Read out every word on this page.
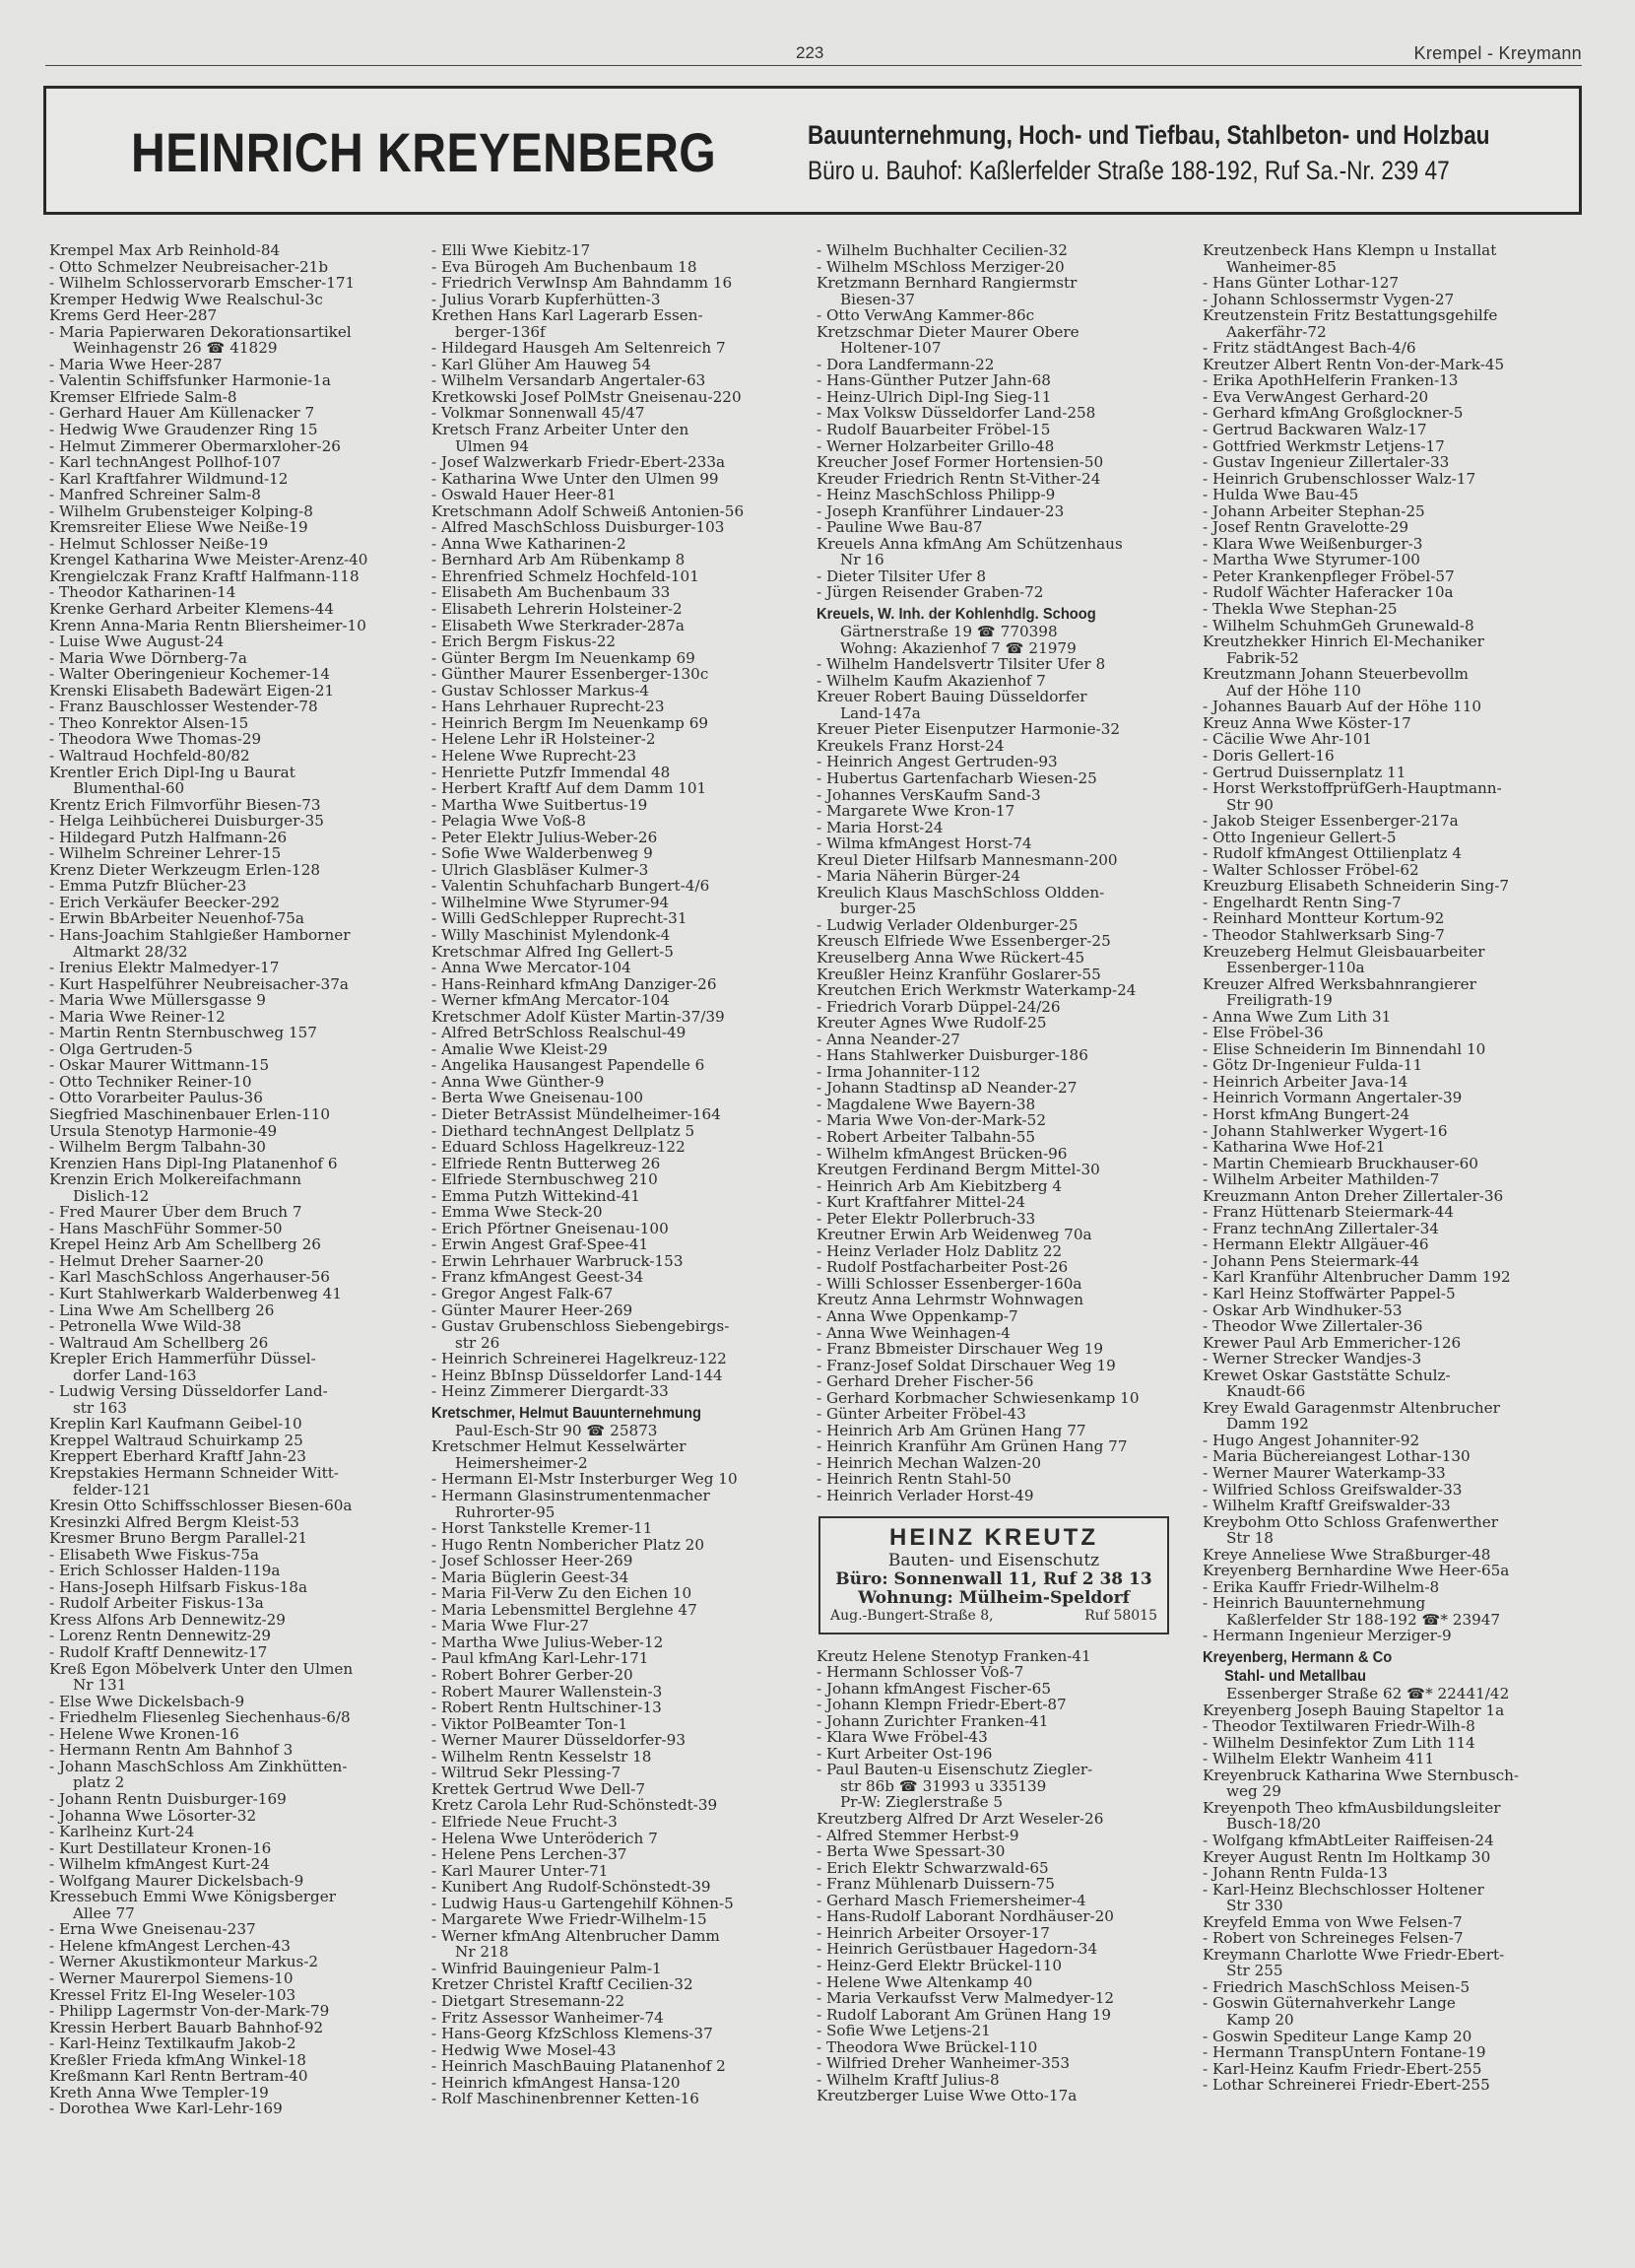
223	Krempel - Kreymann
HEINRICH KREYENBERG	Bauunternehmung, Hoch- und Tiefbau, Stahlbeton- und Holzbau
Büro u. Bauhof: Kaßlerfelder Straße 188-192, Ruf Sa.-Nr. 239 47
Krempel Max Arb Reinhold-84
- Otto Schmelzer Neubreisacher-21b
- Wilhelm Schlosservorarb Emscher-171
Kremper Hedwig Wwe Realschul-3c
Krems Gerd Heer-287
- Maria Papierwaren Dekorationsartikel
Weinhagenstr 26 ☎ 41829
- Maria Wwe Heer-287
- Valentin Schiffsfunker Harmonie-1a
Kremser Elfriede Salm-8
- Gerhard Hauer Am Küllenacker 7
- Hedwig Wwe Graudenzer Ring 15
- Helmut Zimmerer Obermarxloher-26
- Karl technAngest Pollhof-107
- Karl Kraftfahrer Wildmund-12
- Manfred Schreiner Salm-8
- Wilhelm Grubensteiger Kolping-8
Kremsreiter Eliese Wwe Neiße-19
- Helmut Schlosser Neiße-19
Krengel Katharina Wwe Meister-Arenz-40
Krengielczak Franz Kraftf Halfmann-118
- Theodor Katharinen-14
Krenke Gerhard Arbeiter Klemens-44
Krenn Anna-Maria Rentn Bliersheimer-10
- Luise Wwe August-24
- Maria Wwe Dörnberg-7a
- Walter Oberingenieur Kochemer-14
Krenski Elisabeth Badewärt Eigen-21
- Franz Bauschlosser Westender-78
- Theo Konrektor Alsen-15
- Theodora Wwe Thomas-29
- Waltraud Hochfeld-80/82
Krentler Erich Dipl-Ing u Baurat
Blumenthal-60
Krentz Erich Filmvorführ Biesen-73
- Helga Leihbücherei Duisburger-35
- Hildegard Putzh Halfmann-26
- Wilhelm Schreiner Lehrer-15
Krenz Dieter Werkzeugm Erlen-128
- Emma Putzfr Blücher-23
- Erich Verkäufer Beecker-292
- Erwin BbArbeiter Neuenhof-75a
- Hans-Joachim Stahlgießer Hamborner
Altmarkt 28/32
- Irenius Elektr Malmedyer-17
- Kurt Haspelführer Neubreisacher-37a
- Maria Wwe Müllersgasse 9
- Maria Wwe Reiner-12
- Martin Rentn Sternbuschweg 157
- Olga Gertruden-5
- Oskar Maurer Wittmann-15
- Otto Techniker Reiner-10
- Otto Vorarbeiter Paulus-36
Siegfried Maschinenbauer Erlen-110
Ursula Stenotyp Harmonie-49
- Wilhelm Bergm Talbahn-30
Krenzien Hans Dipl-Ing Platanenhof 6
Krenzin Erich Molkereifachmann
Dislich-12
- Fred Maurer Über dem Bruch 7
- Hans MaschFühr Sommer-50
Krepel Heinz Arb Am Schellberg 26
- Helmut Dreher Saarner-20
- Karl MaschSchloss Angerhauser-56
- Kurt Stahlwerkarb Walderbenweg 41
- Lina Wwe Am Schellberg 26
- Petronella Wwe Wild-38
- Waltraud Am Schellberg 26
Krepler Erich Hammerführ Düssel-
dorfer Land-163
- Ludwig Versing Düsseldorfer Land-
str 163
Kreplin Karl Kaufmann Geibel-10
Kreppel Waltraud Schuirkamp 25
Kreppert Eberhard Kraftf Jahn-23
Krepstakies Hermann Schneider Witt-
felder-121
Kresin Otto Schiffsschlosser Biesen-60a
Kresinzki Alfred Bergm Kleist-53
Kresmer Bruno Bergm Parallel-21
- Elisabeth Wwe Fiskus-75a
- Erich Schlosser Halden-119a
- Hans-Joseph Hilfsarb Fiskus-18a
- Rudolf Arbeiter Fiskus-13a
Kress Alfons Arb Dennewitz-29
- Lorenz Rentn Dennewitz-29
- Rudolf Kraftf Dennewitz-17
Kreß Egon Möbelverk Unter den Ulmen
Nr 131
- Else Wwe Dickelsbach-9
- Friedhelm Fliesenleg Siechenhaus-6/8
- Helene Wwe Kronen-16
- Hermann Rentn Am Bahnhof 3
- Johann MaschSchloss Am Zinkhütten-
platz 2
- Johann Rentn Duisburger-169
- Johanna Wwe Lösorter-32
- Karlheinz Kurt-24
- Kurt Destillateur Kronen-16
- Wilhelm kfmAngest Kurt-24
- Wolfgang Maurer Dickelsbach-9
Kressebuch Emmi Wwe Königsberger
Allee 77
- Erna Wwe Gneisenau-237
- Helene kfmAngest Lerchen-43
- Werner Akustikmonteur Markus-2
- Werner Maurerpol Siemens-10
Kressel Fritz El-Ing Weseler-103
- Philipp Lagermstr Von-der-Mark-79
Kressin Herbert Bauarb Bahnhof-92
- Karl-Heinz Textilkaufm Jakob-2
Kreßler Frieda kfmAng Winkel-18
Kreßmann Karl Rentn Bertram-40
Kreth Anna Wwe Templer-19
- Dorothea Wwe Karl-Lehr-169
- Elli Wwe Kiebitz-17
- Eva Bürogeh Am Buchenbaum 18
- Friedrich VerwInsp Am Bahndamm 16
- Julius Vorarb Kupferhütten-3
Krethen Hans Karl Lagerarb Essen-
berger-136f
- Hildegard Hausgeh Am Seltenreich 7
- Karl Glüher Am Hauweg 54
- Wilhelm Versandarb Angertaler-63
Kretkowski Josef PolMstr Gneisenau-220
- Volkmar Sonnenwall 45/47
Kretsch Franz Arbeiter Unter den
Ulmen 94
- Josef Walzwerkarb Friedr-Ebert-233a
- Katharina Wwe Unter den Ulmen 99
- Oswald Hauer Heer-81
Kretschmann Adolf Schweiß Antonien-56
- Alfred MaschSchloss Duisburger-103
- Anna Wwe Katharinen-2
- Bernhard Arb Am Rübenkamp 8
- Ehrenfried Schmelz Hochfeld-101
- Elisabeth Am Buchenbaum 33
- Elisabeth Lehrerin Holsteiner-2
- Elisabeth Wwe Sterkrader-287a
- Erich Bergm Fiskus-22
- Günter Bergm Im Neuenkamp 69
- Günther Maurer Essenberger-130c
- Gustav Schlosser Markus-4
- Hans Lehrhauer Ruprecht-23
- Heinrich Bergm Im Neuenkamp 69
- Helene Lehr iR Holsteiner-2
- Helene Wwe Ruprecht-23
- Henriette Putzfr Immendal 48
- Herbert Kraftf Auf dem Damm 101
- Martha Wwe Suitbertus-19
- Pelagia Wwe Voß-8
- Peter Elektr Julius-Weber-26
- Sofie Wwe Walderbenweg 9
- Ulrich Glasbläser Kulmer-3
- Valentin Schuhfacharb Bungert-4/6
- Wilhelmine Wwe Styrumer-94
- Willi GedSchlepper Ruprecht-31
- Willy Maschinist Mylendonk-4
Kretschmar Alfred Ing Gellert-5
- Anna Wwe Mercator-104
- Hans-Reinhard kfmAng Danziger-26
- Werner kfmAng Mercator-104
Kretschmer Adolf Küster Martin-37/39
- Alfred BetrSchloss Realschul-49
- Amalie Wwe Kleist-29
- Angelika Hausangest Papendelle 6
- Anna Wwe Günther-9
- Berta Wwe Gneisenau-100
- Dieter BetrAssist Mündelheimer-164
- Diethard technAngest Dellplatz 5
- Eduard Schloss Hagelkreuz-122
- Elfriede Rentn Butterweg 26
- Elfriede Sternbuschweg 210
- Emma Putzh Wittekind-41
- Emma Wwe Steck-20
- Erich Pförtner Gneisenau-100
- Erwin Angest Graf-Spee-41
- Erwin Lehrhauer Warbruck-153
- Franz kfmAngest Geest-34
- Gregor Angest Falk-67
- Günter Maurer Heer-269
- Gustav Grubenschloss Siebengebirgs-
str 26
- Heinrich Schreinerei Hagelkreuz-122
- Heinz BbInsp Düsseldorfer Land-144
- Heinz Zimmerer Diergardt-33
Kretschmer, Helmut Bauunternehmung
Paul-Esch-Str 90 ☎ 25873
Kretschmer Helmut Kesselwärter
Heimersheimer-2
- Hermann El-Mstr Insterburger Weg 10
- Hermann Glasinstrumentenmacher
Ruhrorter-95
- Horst Tankstelle Kremer-11
- Hugo Rentn Nombericher Platz 20
- Josef Schlosser Heer-269
- Maria Büglerin Geest-34
- Maria Fil-Verw Zu den Eichen 10
- Maria Lebensmittel Berglehne 47
- Maria Wwe Flur-27
- Martha Wwe Julius-Weber-12
- Paul kfmAng Karl-Lehr-171
- Robert Bohrer Gerber-20
- Robert Maurer Wallenstein-3
- Robert Rentn Hultschiner-13
- Viktor PolBeamter Ton-1
- Werner Maurer Düsseldorfer-93
- Wilhelm Rentn Kesselstr 18
- Wiltrud Sekr Plessing-7
Krettek Gertrud Wwe Dell-7
Kretz Carola Lehr Rud-Schönstedt-39
- Elfriede Neue Frucht-3
- Helena Wwe Unteröderich 7
- Helene Pens Lerchen-37
- Karl Maurer Unter-71
- Kunibert Ang Rudolf-Schönstedt-39
- Ludwig Haus-u Gartengehilf Köhnen-5
- Margarete Wwe Friedr-Wilhelm-15
- Werner kfmAng Altenbrucher Damm
Nr 218
- Winfrid Bauingenieur Palm-1
Kretzer Christel Kraftf Cecilien-32
- Dietgart Stresemann-22
- Fritz Assessor Wanheimer-74
- Hans-Georg KfzSchloss Klemens-37
- Hedwig Wwe Mosel-43
- Heinrich MaschBauing Platanenhof 2
- Heinrich kfmAngest Hansa-120
- Rolf Maschinenbrenner Ketten-16
- Wilhelm Buchhalter Cecilien-32
- Wilhelm MSchloss Merziger-20
Kretzmann Bernhard Rangiermstr
Biesen-37
- Otto VerwAng Kammer-86c
Kretzschmar Dieter Maurer Obere
Holtener-107
- Dora Landfermann-22
- Hans-Günther Putzer Jahn-68
- Heinz-Ulrich Dipl-Ing Sieg-11
- Max Volksw Düsseldorfer Land-258
- Rudolf Bauarbeiter Fröbel-15
- Werner Holzarbeiter Grillo-48
Kreucher Josef Former Hortensien-50
Kreuder Friedrich Rentn St-Vither-24
- Heinz MaschSchloss Philipp-9
- Joseph Kranführer Lindauer-23
- Pauline Wwe Bau-87
Kreuels Anna kfmAng Am Schützenhaus
Nr 16
- Dieter Tilsiter Ufer 8
- Jürgen Reisender Graben-72
Kreuels, W. Inh. der Kohlenhdlg. Schoog
Gärtnerstraße 19 ☎ 770398
Wohng: Akazienhof 7 ☎ 21979
- Wilhelm Handelsvertr Tilsiter Ufer 8
- Wilhelm Kaufm Akazienhof 7
Kreuer Robert Bauing Düsseldorfer
Land-147a
Kreuer Pieter Eisenputzer Harmonie-32
Kreukels Franz Horst-24
- Heinrich Angest Gertruden-93
- Hubertus Gartenfacharb Wiesen-25
- Johannes VersKaufm Sand-3
- Margarete Wwe Kron-17
- Maria Horst-24
- Wilma kfmAngest Horst-74
Kreul Dieter Hilfsarb Mannesmann-200
- Maria Näherin Bürger-24
Kreulich Klaus MaschSchloss Oldden-
burger-25
- Ludwig Verlader Oldenburger-25
Kreusch Elfriede Wwe Essenberger-25
Kreuselberg Anna Wwe Rückert-45
Kreußler Heinz Kranführ Goslarer-55
Kreutchen Erich Werkmstr Waterkamp-24
- Friedrich Vorarb Düppel-24/26
Kreuter Agnes Wwe Rudolf-25
- Anna Neander-27
- Hans Stahlwerker Duisburger-186
- Irma Johanniter-112
- Johann Stadtinsp aD Neander-27
- Magdalene Wwe Bayern-38
- Maria Wwe Von-der-Mark-52
- Robert Arbeiter Talbahn-55
- Wilhelm kfmAngest Brücken-96
Kreutgen Ferdinand Bergm Mittel-30
- Heinrich Arb Am Kiebitzberg 4
- Kurt Kraftfahrer Mittel-24
- Peter Elektr Pollerbruch-33
Kreutner Erwin Arb Weidenweg 70a
- Heinz Verlader Holz Dablitz 22
- Rudolf Postfacharbeiter Post-26
- Willi Schlosser Essenberger-160a
Kreutz Anna Lehrmstr Wohnwagen
- Anna Wwe Oppenkamp-7
- Anna Wwe Weinhagen-4
- Franz Bbmeister Dirschauer Weg 19
- Franz-Josef Soldat Dirschauer Weg 19
- Gerhard Dreher Fischer-56
- Gerhard Korbmacher Schwiesenkamp 10
- Günter Arbeiter Fröbel-43
- Heinrich Arb Am Grünen Hang 77
- Heinrich Kranführ Am Grünen Hang 77
- Heinrich Mechan Walzen-20
- Heinrich Rentn Stahl-50
- Heinrich Verlader Horst-49
HEINZ KREUTZ
Bauten- und Eisenschutz
Büro: Sonnenwall 11, Ruf 2 38 13
Wohnung: Mülheim-Speldorf
Aug.-Bungert-Straße 8,	Ruf 58015
Kreutz Helene Stenotyp Franken-41
- Hermann Schlosser Voß-7
- Johann kfmAngest Fischer-65
- Johann Klempn Friedr-Ebert-87
- Johann Zurichter Franken-41
- Klara Wwe Fröbel-43
- Kurt Arbeiter Ost-196
- Paul Bauten-u Eisenschutz Ziegler-
str 86b ☎ 31993 u 335139
Pr-W: Zieglerstraße 5
Kreutzberg Alfred Dr Arzt Weseler-26
- Alfred Stemmer Herbst-9
- Berta Wwe Spessart-30
- Erich Elektr Schwarzwald-65
- Franz Mühlenarb Duissern-75
- Gerhard Masch Friemersheimer-4
- Hans-Rudolf Laborant Nordhäuser-20
- Heinrich Arbeiter Orsoyer-17
- Heinrich Gerüstbauer Hagedorn-34
- Heinz-Gerd Elektr Brückel-110
- Helene Wwe Altenkamp 40
- Maria Verkaufsst Verw Malmedyer-12
- Rudolf Laborant Am Grünen Hang 19
- Sofie Wwe Letjens-21
- Theodora Wwe Brückel-110
- Wilfried Dreher Wanheimer-353
- Wilhelm Kraftf Julius-8
Kreutzberger Luise Wwe Otto-17a
Kreutzenbeck Hans Klempn u Installat
Wanheimer-85
- Hans Günter Lothar-127
- Johann Schlossermstr Vygen-27
Kreutzenstein Fritz Bestattungsgehilfe
Aakerfähr-72
- Fritz städtAngest Bach-4/6
Kreutzer Albert Rentn Von-der-Mark-45
- Erika ApothHelferin Franken-13
- Eva VerwAngest Gerhard-20
- Gerhard kfmAng Großglockner-5
- Gertrud Backwaren Walz-17
- Gottfried Werkmstr Letjens-17
- Gustav Ingenieur Zillertaler-33
- Heinrich Grubenschlosser Walz-17
- Hulda Wwe Bau-45
- Johann Arbeiter Stephan-25
- Josef Rentn Gravelotte-29
- Klara Wwe Weißenburger-3
- Martha Wwe Styrumer-100
- Peter Krankenpfleger Fröbel-57
- Rudolf Wächter Haferacker 10a
- Thekla Wwe Stephan-25
- Wilhelm SchuhmGeh Grunewald-8
Kreutzhekker Hinrich El-Mechaniker
Fabrik-52
Kreutzmann Johann Steuerbevollm
Auf der Höhe 110
- Johannes Bauarb Auf der Höhe 110
Kreuz Anna Wwe Köster-17
- Cäcilie Wwe Ahr-101
- Doris Gellert-16
- Gertrud Duissernplatz 11
- Horst WerkstoffprüfGerh-Hauptmann-
Str 90
- Jakob Steiger Essenberger-217a
- Otto Ingenieur Gellert-5
- Rudolf kfmAngest Ottilienplatz 4
- Walter Schlosser Fröbel-62
Kreuzburg Elisabeth Schneiderin Sing-7
- Engelhardt Rentn Sing-7
- Reinhard Montteur Kortum-92
- Theodor Stahlwerksarb Sing-7
Kreuzeberg Helmut Gleisbauarbeiter
Essenberger-110a
Kreuzer Alfred Werksbahnrangierer
Freiligrath-19
- Anna Wwe Zum Lith 31
- Else Fröbel-36
- Elise Schneiderin Im Binnendahl 10
- Götz Dr-Ingenieur Fulda-11
- Heinrich Arbeiter Java-14
- Heinrich Vormann Angertaler-39
- Horst kfmAng Bungert-24
- Johann Stahlwerker Wygert-16
- Katharina Wwe Hof-21
- Martin Chemiearb Bruckhauser-60
- Wilhelm Arbeiter Mathilden-7
Kreuzmann Anton Dreher Zillertaler-36
- Franz Hüttenarb Steiermark-44
- Franz technAng Zillertaler-34
- Hermann Elektr Allgäuer-46
- Johann Pens Steiermark-44
- Karl Kranführ Altenbrucher Damm 192
- Karl Heinz Stoffwärter Pappel-5
- Oskar Arb Windhuker-53
- Theodor Wwe Zillertaler-36
Krewer Paul Arb Emmericher-126
- Werner Strecker Wandjes-3
Krewet Oskar Gaststätte Schulz-
Knaudt-66
Krey Ewald Garagenmstr Altenbrucher
Damm 192
- Hugo Angest Johanniter-92
- Maria Büchereiangest Lothar-130
- Werner Maurer Waterkamp-33
- Wilfried Schloss Greifswalder-33
- Wilhelm Kraftf Greifswalder-33
Kreybohm Otto Schloss Grafenwerther
Str 18
Kreye Anneliese Wwe Straßburger-48
Kreyenberg Bernhardine Wwe Heer-65a
- Erika Kauffr Friedr-Wilhelm-8
- Heinrich Bauunternehmung
Kaßlerfelder Str 188-192 ☎* 23947
- Hermann Ingenieur Merziger-9
Kreyenberg, Hermann & Co
Stahl- und Metallbau
Essenberger Straße 62 ☎* 22441/42
Kreyenberg Joseph Bauing Stapeltor 1a
- Theodor Textilwaren Friedr-Wilh-8
- Wilhelm Desinfektor Zum Lith 114
- Wilhelm Elektr Wanheim 411
Kreyenbruck Katharina Wwe Sternbusch-
weg 29
Kreyenpoth Theo kfmAusbildungsleiter
Busch-18/20
- Wolfgang kfmAbtLeiter Raiffeisen-24
Kreyer August Rentn Im Holtkamp 30
- Johann Rentn Fulda-13
- Karl-Heinz Blechschlosser Holtener
Str 330
Kreyfeld Emma von Wwe Felsen-7
- Robert von Schreineges Felsen-7
Kreymann Charlotte Wwe Friedr-Ebert-
Str 255
- Friedrich MaschSchloss Meisen-5
- Goswin Güternahverkehr Lange
Kamp 20
- Goswin Spediteur Lange Kamp 20
- Hermann TranspUntern Fontane-19
- Karl-Heinz Kaufm Friedr-Ebert-255
- Lothar Schreinerei Friedr-Ebert-255
